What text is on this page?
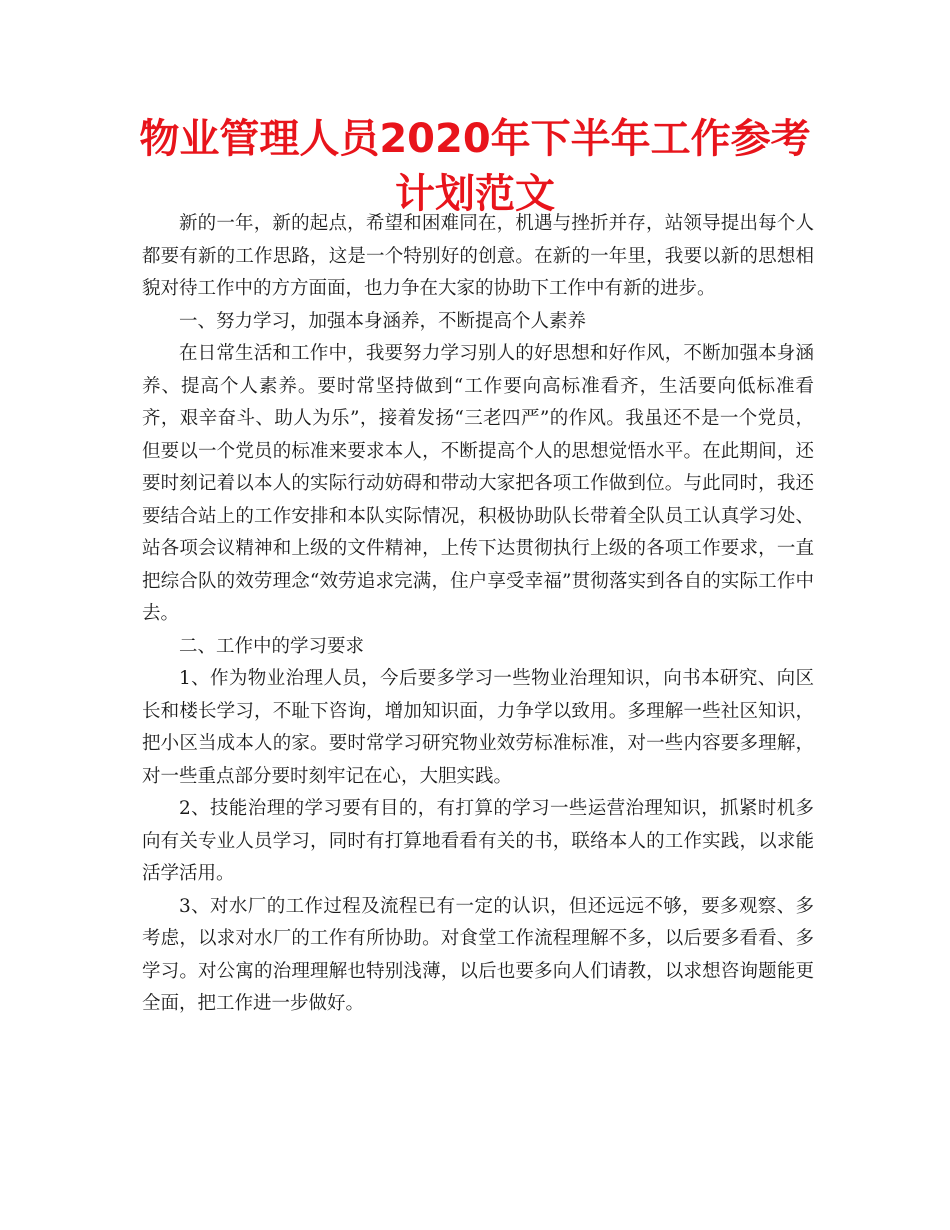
物业管理人员2020年下半年工作参考计划范文

新的一年，新的起点，希望和困难同在，机遇与挫折并存，站领导提出每个人都要有新的工作思路，这是一个特别好的创意。在新的一年里，我要以新的思想相貌对待工作中的方方面面，也力争在大家的协助下工作中有新的进步。

一、努力学习，加强本身涵养，不断提高个人素养

在日常生活和工作中，我要努力学习别人的好思想和好作风，不断加强本身涵养、提高个人素养。要时常坚持做到“工作要向高标准看齐，生活要向低标准看齐，艰辛奋斗、助人为乐”，接着发扬“三老四严”的作风。我虽还不是一个党员，但要以一个党员的标准来要求本人，不断提高个人的思想觉悟水平。在此期间，还要时刻记着以本人的实际行动妨碍和带动大家把各项工作做到位。与此同时，我还要结合站上的工作安排和本队实际情况，积极协助队长带着全队员工认真学习处、站各项会议精神和上级的文件精神，上传下达贯彻执行上级的各项工作要求，一直把综合队的效劳理念“效劳追求完满，住户享受幸福”贯彻落实到各自的实际工作中去。

二、工作中的学习要求

1、作为物业治理人员，今后要多学习一些物业治理知识，向书本研究、向区长和楼长学习，不耻下咨询，增加知识面，力争学以致用。多理解一些社区知识，把小区当成本人的家。要时常学习研究物业效劳标准标准，对一些内容要多理解，对一些重点部分要时刻牢记在心，大胆实践。

2、技能治理的学习要有目的，有打算的学习一些运营治理知识，抓紧时机多向有关专业人员学习，同时有打算地看看有关的书，联络本人的工作实践，以求能活学活用。

3、对水厂的工作过程及流程已有一定的认识，但还远远不够，要多观察、多考虑，以求对水厂的工作有所协助。对食堂工作流程理解不多，以后要多看看、多学习。对公寓的治理理解也特别浅薄，以后也要多向人们请教，以求想咨询题能更全面，把工作进一步做好。
